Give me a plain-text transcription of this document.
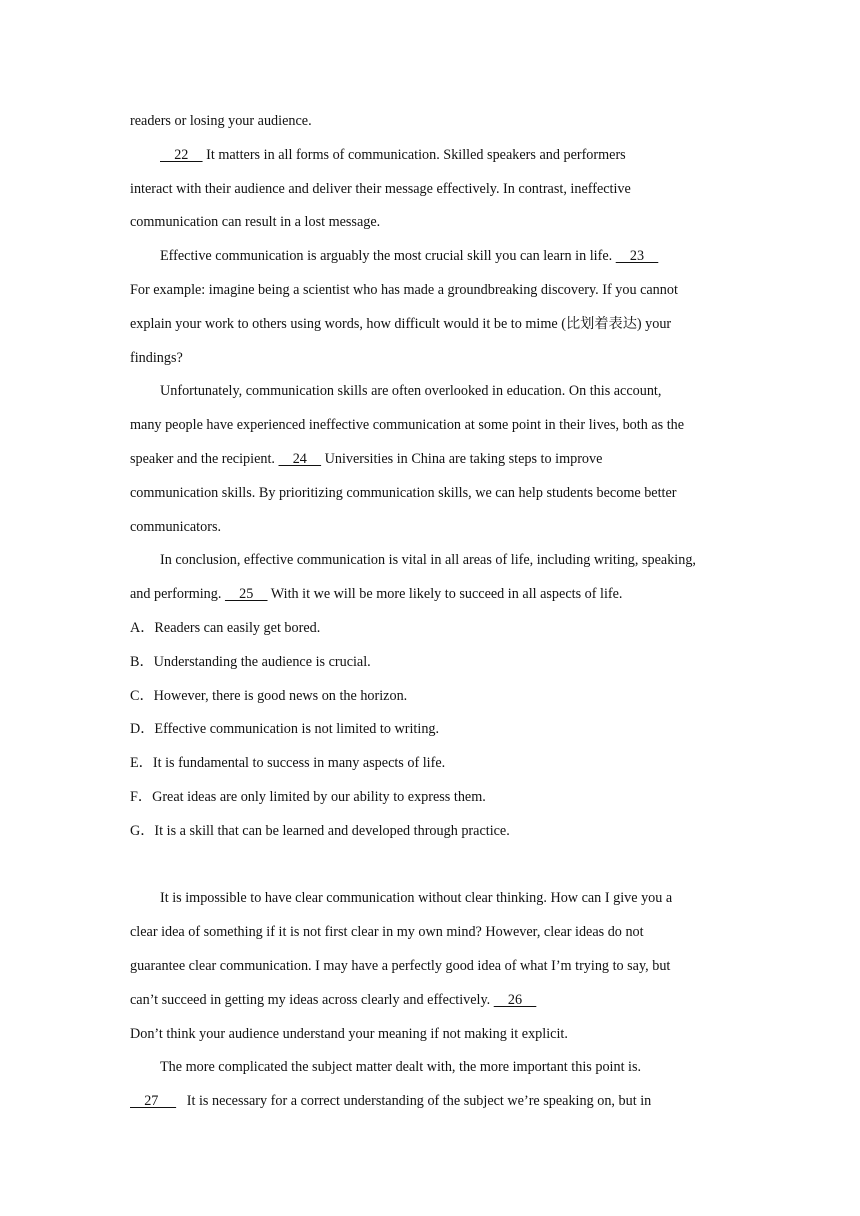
readers or losing your audience.
22     It matters in all forms of communication. Skilled speakers and performers
interact with their audience and deliver their message effectively. In contrast, ineffective
communication can result in a lost message.
Effective communication is arguably the most crucial skill you can learn in life.     23
For example: imagine being a scientist who has made a groundbreaking discovery. If you cannot
explain your work to others using words, how difficult would it be to mime (比划着表达) your
findings?
Unfortunately, communication skills are often overlooked in education. On this account,
many people have experienced ineffective communication at some point in their lives, both as the
speaker and the recipient.     24     Universities in China are taking steps to improve
communication skills. By prioritizing communication skills, we can help students become better
communicators.
In conclusion, effective communication is vital in all areas of life, including writing, speaking,
and performing.     25     With it we will be more likely to succeed in all aspects of life.
A．Readers can easily get bored.
B．Understanding the audience is crucial.
C．However, there is good news on the horizon.
D．Effective communication is not limited to writing.
E．It is fundamental to success in many aspects of life.
F．Great ideas are only limited by our ability to express them.
G．It is a skill that can be learned and developed through practice.
It is impossible to have clear communication without clear thinking. How can I give you a
clear idea of something if it is not first clear in my own mind? However, clear ideas do not
guarantee clear communication. I may have a perfectly good idea of what I’m trying to say, but
can’t succeed in getting my ideas across clearly and effectively.     26
Don’t think your audience understand your meaning if not making it explicit.
The more complicated the subject matter dealt with, the more important this point is.
27        It is necessary for a correct understanding of the subject we’re speaking on, but in
